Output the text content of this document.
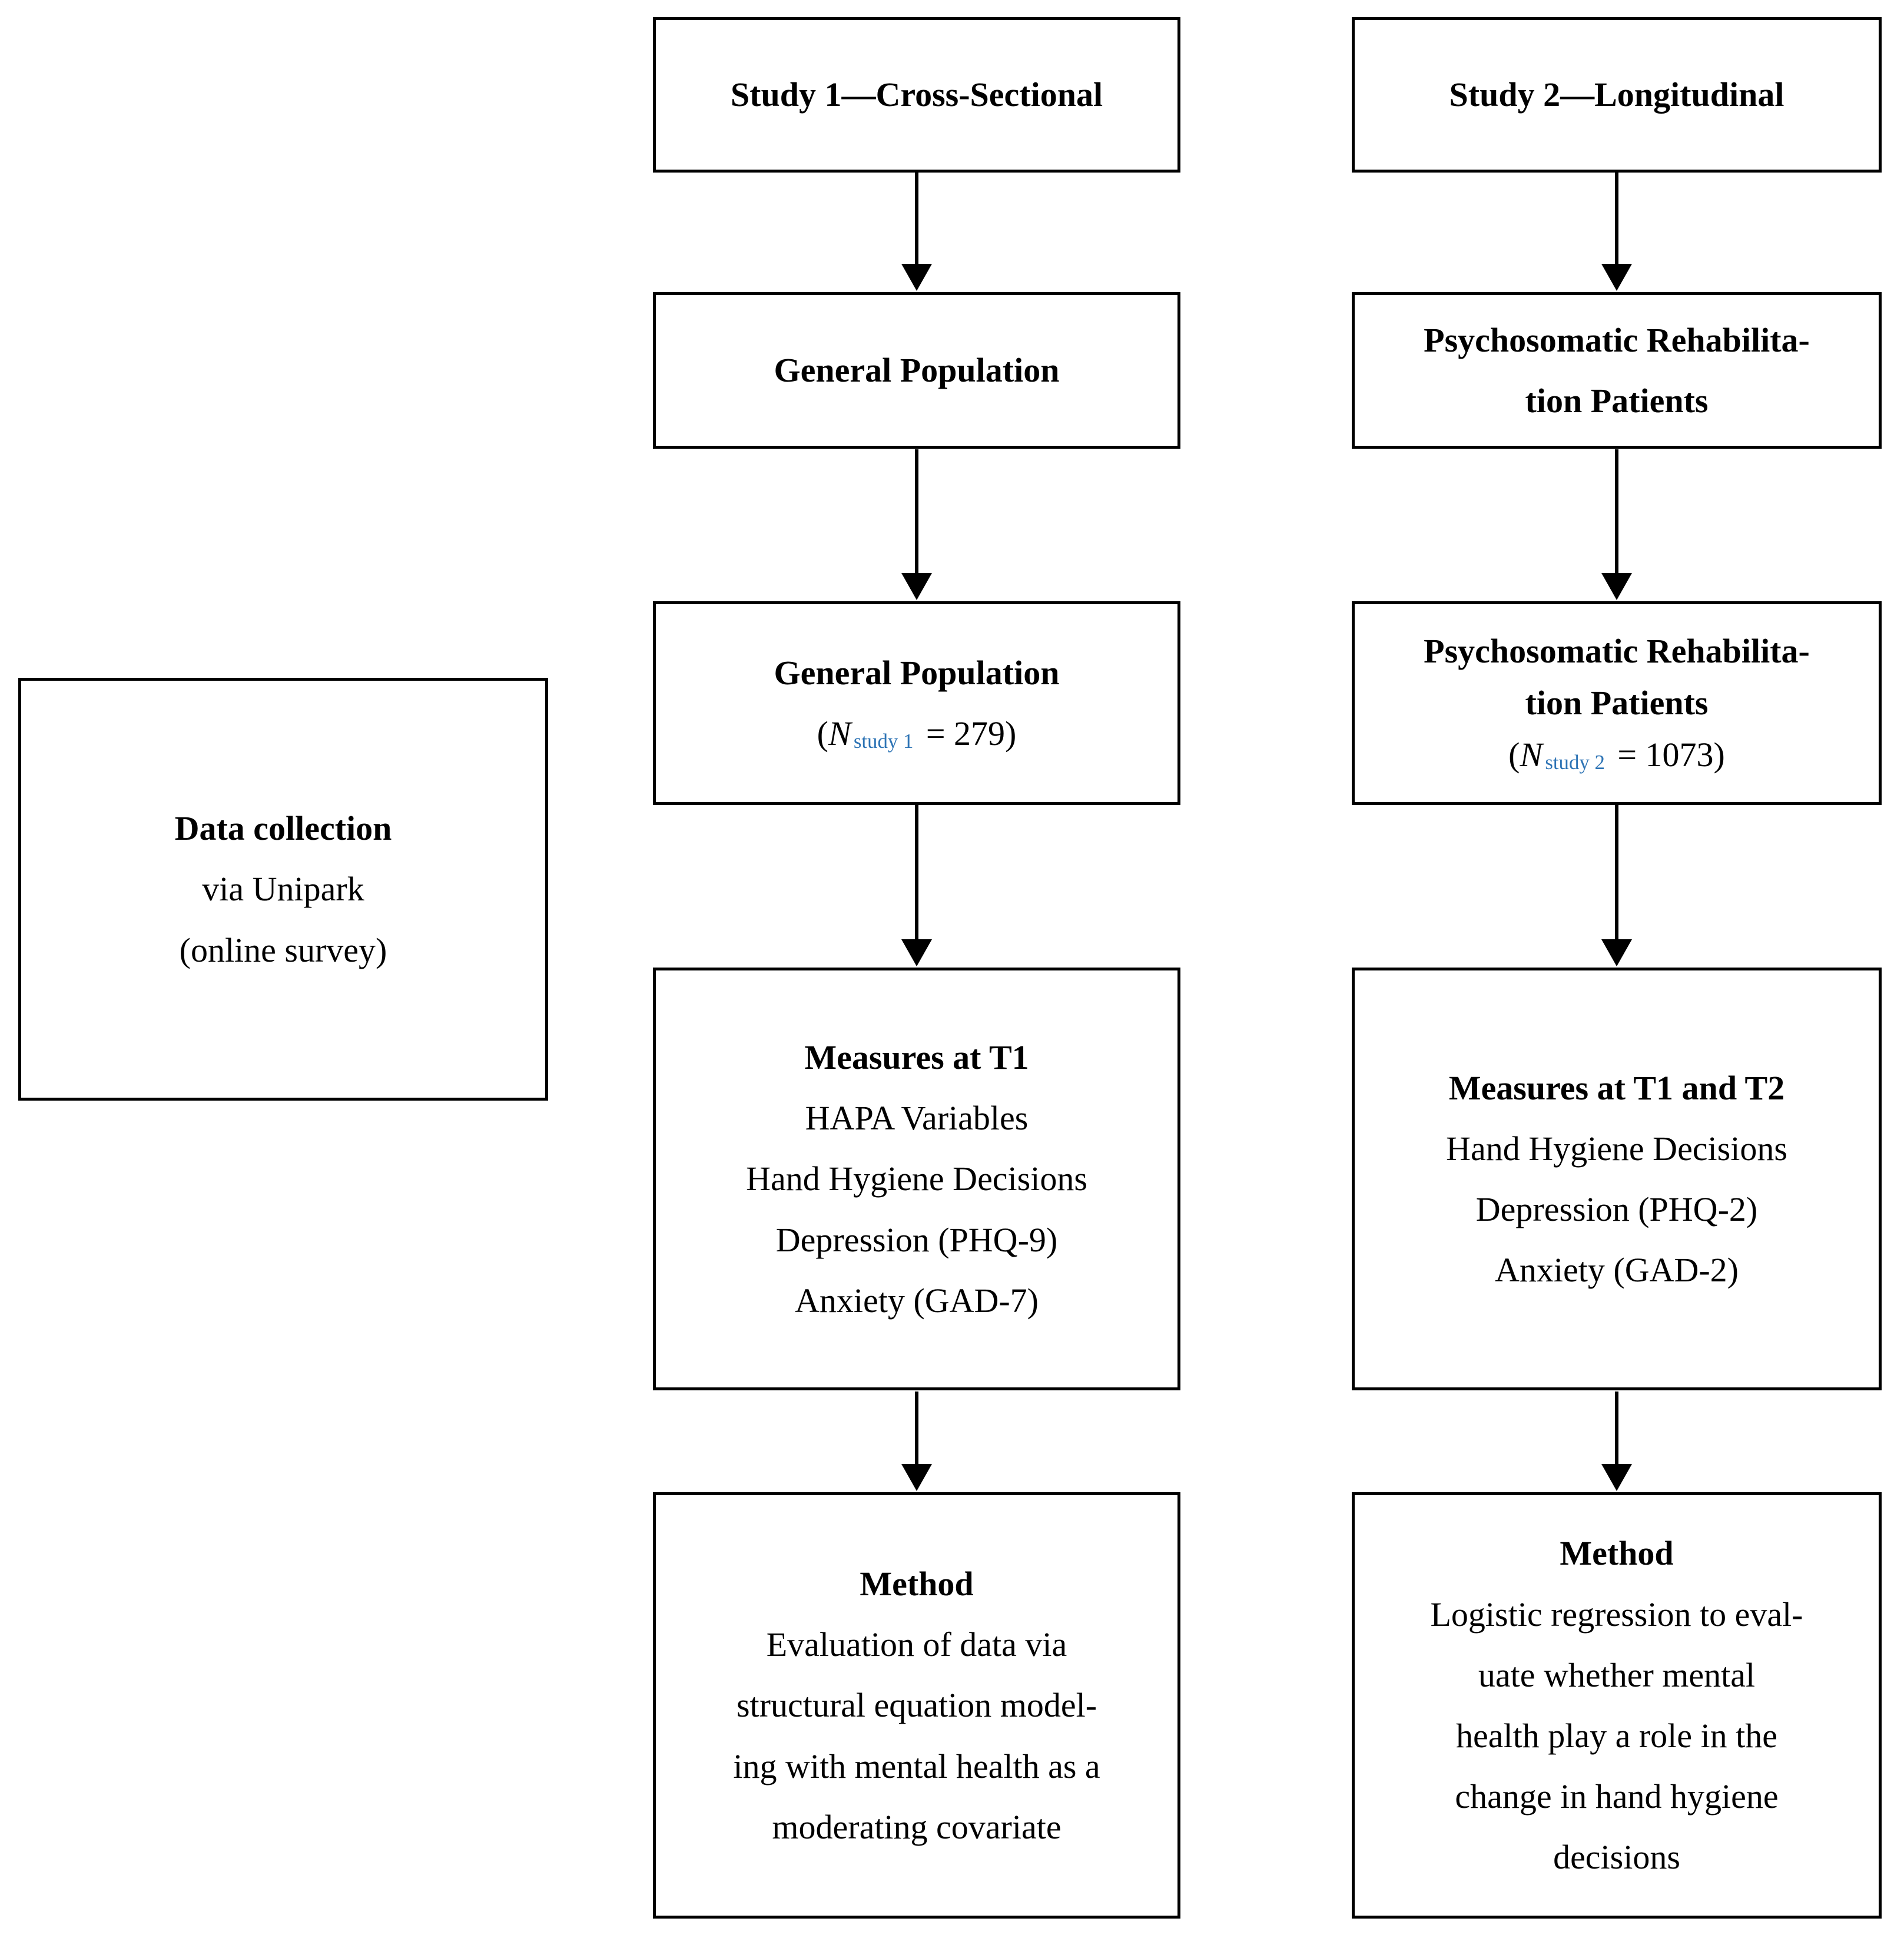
Data collection
via Unipark
(online survey)
Study 1—Cross-Sectional
General Population
General Population
(N study 1 = 279)
Measures at T1
HAPA Variables
Hand Hygiene Decisions
Depression (PHQ-9)
Anxiety (GAD-7)
Method
Evaluation of data via
structural equation model-
ing with mental health as a
moderating covariate
Study 2—Longitudinal
Psychosomatic Rehabilita-
tion Patients
Psychosomatic Rehabilita-
tion Patients
(N study 2 = 1073)
Measures at T1 and T2
Hand Hygiene Decisions
Depression (PHQ-2)
Anxiety (GAD-2)
Method
Logistic regression to eval-
uate whether mental
health play a role in the
change in hand hygiene
decisions
